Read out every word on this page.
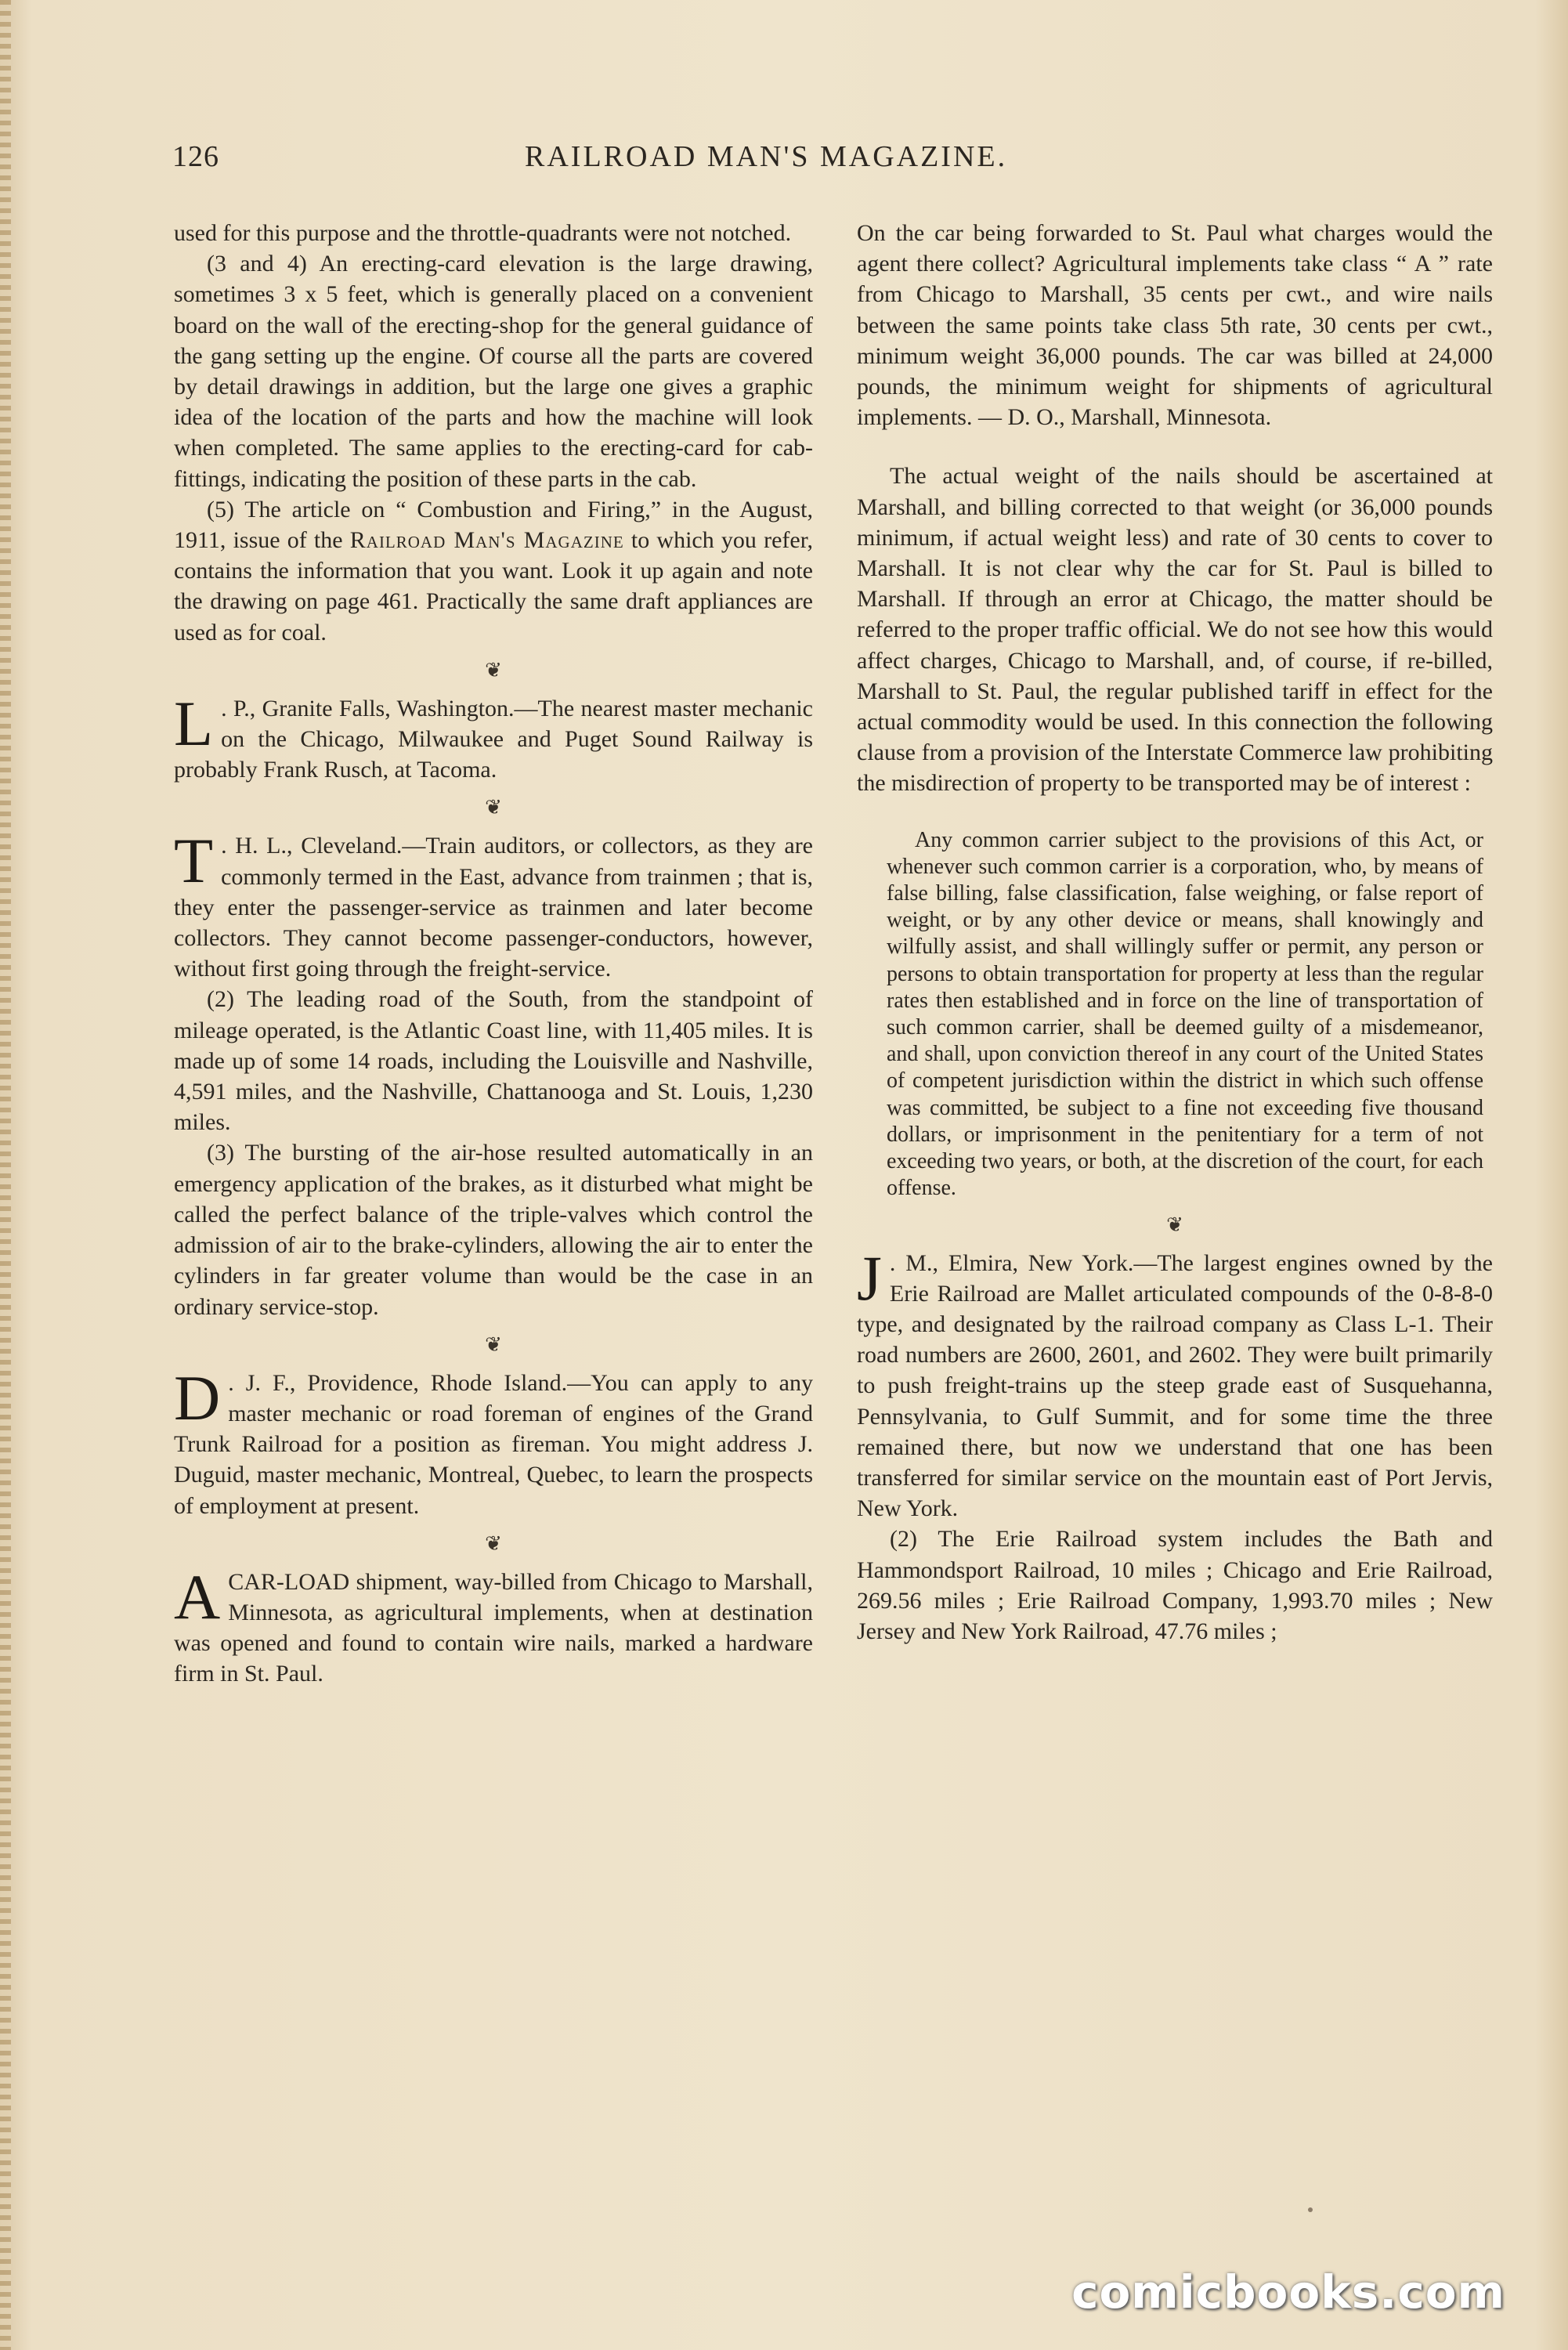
126	RAILROAD MAN'S MAGAZINE.

used for this purpose and the throttle-quadrants were not notched.

(3 and 4) An erecting-card elevation is the large drawing, sometimes 3 x 5 feet, which is generally placed on a convenient board on the wall of the erecting-shop for the general guidance of the gang setting up the engine. Of course all the parts are covered by detail drawings in addition, but the large one gives a graphic idea of the location of the parts and how the machine will look when completed. The same applies to the erecting-card for cab-fittings, indicating the position of these parts in the cab.

(5) The article on “ Combustion and Firing,” in the August, 1911, issue of the Railroad Man's Magazine to which you refer, contains the information that you want. Look it up again and note the drawing on page 461. Practically the same draft appliances are used as for coal.

❦

L . P., Granite Falls, Washington.—The nearest master mechanic on the Chicago, Milwaukee and Puget Sound Railway is probably Frank Rusch, at Tacoma.

❦

T . H. L., Cleveland.—Train auditors, or collectors, as they are commonly termed in the East, advance from trainmen ; that is, they enter the passenger-service as trainmen and later become collectors. They cannot become passenger-conductors, however, without first going through the freight-service.

(2) The leading road of the South, from the standpoint of mileage operated, is the Atlantic Coast line, with 11,405 miles. It is made up of some 14 roads, including the Louisville and Nashville, 4,591 miles, and the Nashville, Chattanooga and St. Louis, 1,230 miles.

(3) The bursting of the air-hose resulted automatically in an emergency application of the brakes, as it disturbed what might be called the perfect balance of the triple-valves which control the admission of air to the brake-cylinders, allowing the air to enter the cylinders in far greater volume than would be the case in an ordinary service-stop.

❦

D . J. F., Providence, Rhode Island.—You can apply to any master mechanic or road foreman of engines of the Grand Trunk Railroad for a position as fireman. You might address J. Duguid, master mechanic, Montreal, Quebec, to learn the prospects of employment at present.

❦

A CAR-LOAD shipment, way-billed from Chicago to Marshall, Minnesota, as agricultural implements, when at destination was opened and found to contain wire nails, marked a hardware firm in St. Paul.

On the car being forwarded to St. Paul what charges would the agent there collect? Agricultural implements take class “ A ” rate from Chicago to Marshall, 35 cents per cwt., and wire nails between the same points take class 5th rate, 30 cents per cwt., minimum weight 36,000 pounds. The car was billed at 24,000 pounds, the minimum weight for shipments of agricultural implements. — D. O., Marshall, Minnesota.

The actual weight of the nails should be ascertained at Marshall, and billing corrected to that weight (or 36,000 pounds minimum, if actual weight less) and rate of 30 cents to cover to Marshall. It is not clear why the car for St. Paul is billed to Marshall. If through an error at Chicago, the matter should be referred to the proper traffic official. We do not see how this would affect charges, Chicago to Marshall, and, of course, if re-billed, Marshall to St. Paul, the regular published tariff in effect for the actual commodity would be used. In this connection the following clause from a provision of the Interstate Commerce law prohibiting the misdirection of property to be transported may be of interest :

Any common carrier subject to the provisions of this Act, or whenever such common carrier is a corporation, who, by means of false billing, false classification, false weighing, or false report of weight, or by any other device or means, shall knowingly and wilfully assist, and shall willingly suffer or permit, any person or persons to obtain transportation for property at less than the regular rates then established and in force on the line of transportation of such common carrier, shall be deemed guilty of a misdemeanor, and shall, upon conviction thereof in any court of the United States of competent jurisdiction within the district in which such offense was committed, be subject to a fine not exceeding five thousand dollars, or imprisonment in the penitentiary for a term of not exceeding two years, or both, at the discretion of the court, for each offense.

❦

J . M., Elmira, New York.—The largest engines owned by the Erie Railroad are Mallet articulated compounds of the 0-8-8-0 type, and designated by the railroad company as Class L-1. Their road numbers are 2600, 2601, and 2602. They were built primarily to push freight-trains up the steep grade east of Susquehanna, Pennsylvania, to Gulf Summit, and for some time the three remained there, but now we understand that one has been transferred for similar service on the mountain east of Port Jervis, New York.

(2) The Erie Railroad system includes the Bath and Hammondsport Railroad, 10 miles ; Chicago and Erie Railroad, 269.56 miles ; Erie Railroad Company, 1,993.70 miles ; New Jersey and New York Railroad, 47.76 miles ;

comicbooks.com
